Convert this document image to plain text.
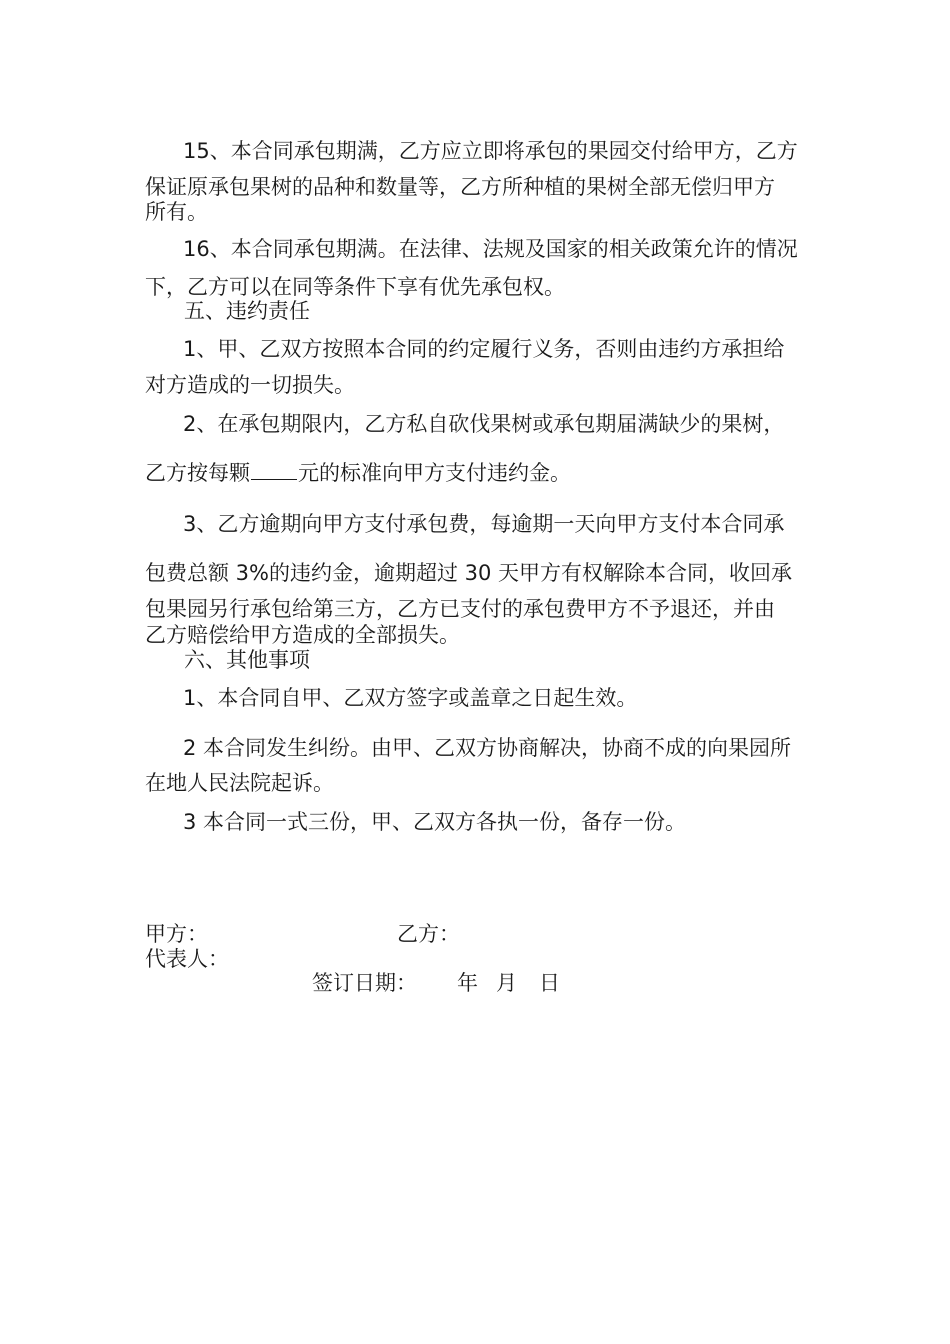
15、本合同承包期满，乙方应立即将承包的果园交付给甲方，乙方
保证原承包果树的品种和数量等，乙方所种植的果树全部无偿归甲方
所有。
16、本合同承包期满。在法律、法规及国家的相关政策允许的情况
下，乙方可以在同等条件下享有优先承包权。
五、违约责任
1、甲、乙双方按照本合同的约定履行义务，否则由违约方承担给
对方造成的一切损失。
2、在承包期限内，乙方私自砍伐果树或承包期届满缺少的果树，
乙方按每颗 元的标准向甲方支付违约金。
3、乙方逾期向甲方支付承包费，每逾期一天向甲方支付本合同承
包费总额 3%的违约金，逾期超过 30 天甲方有权解除本合同，收回承
包果园另行承包给第三方，乙方已支付的承包费甲方不予退还，并由
乙方赔偿给甲方造成的全部损失。
六、其他事项
1、本合同自甲、乙双方签字或盖章之日起生效。
2 本合同发生纠纷。由甲、乙双方协商解决，协商不成的向果园所
在地人民法院起诉。
3 本合同一式三份，甲、乙双方各执一份，备存一份。
甲方：	乙方：
代表人：
签订日期： 年 月 日
